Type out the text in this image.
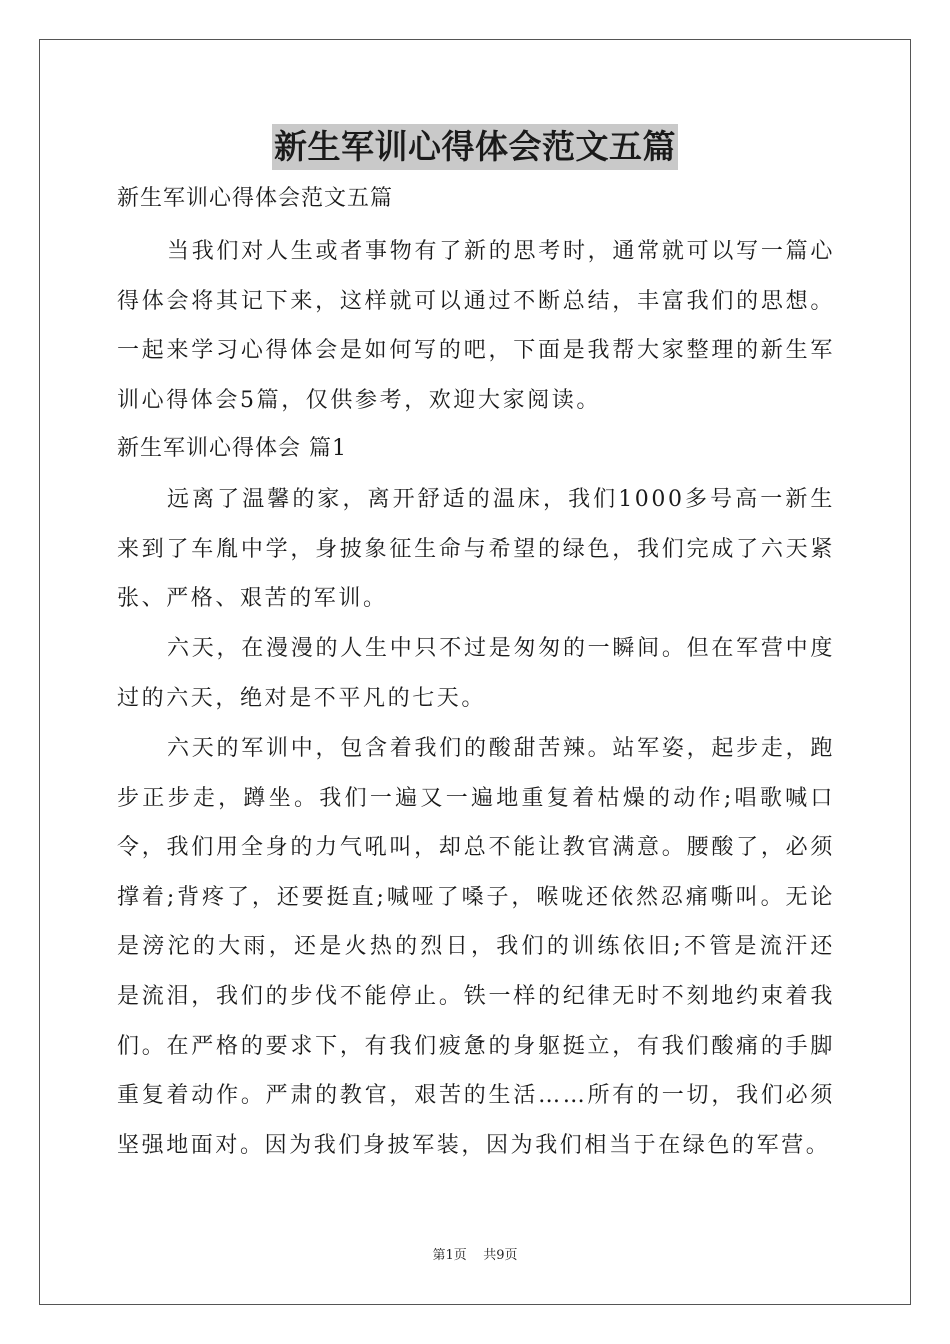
新生军训心得体会范文五篇
新生军训心得体会范文五篇
当我们对人生或者事物有了新的思考时，通常就可以写一篇心得体会将其记下来，这样就可以通过不断总结，丰富我们的思想。一起来学习心得体会是如何写的吧，下面是我帮大家整理的新生军训心得体会5篇，仅供参考，欢迎大家阅读。
新生军训心得体会 篇1
远离了温馨的家，离开舒适的温床，我们1000多号高一新生来到了车胤中学，身披象征生命与希望的绿色，我们完成了六天紧张、严格、艰苦的军训。
六天，在漫漫的人生中只不过是匆匆的一瞬间。但在军营中度过的六天，绝对是不平凡的七天。
六天的军训中，包含着我们的酸甜苦辣。站军姿，起步走，跑步正步走，蹲坐。我们一遍又一遍地重复着枯燥的动作;唱歌喊口令，我们用全身的力气吼叫，却总不能让教官满意。腰酸了，必须撑着;背疼了，还要挺直;喊哑了嗓子，喉咙还依然忍痛嘶叫。无论是滂沱的大雨，还是火热的烈日，我们的训练依旧;不管是流汗还是流泪，我们的步伐不能停止。铁一样的纪律无时不刻地约束着我们。在严格的要求下，有我们疲惫的身躯挺立，有我们酸痛的手脚重复着动作。严肃的教官，艰苦的生活……所有的一切，我们必须坚强地面对。因为我们身披军装，因为我们相当于在绿色的军营。
第1页    共9页
